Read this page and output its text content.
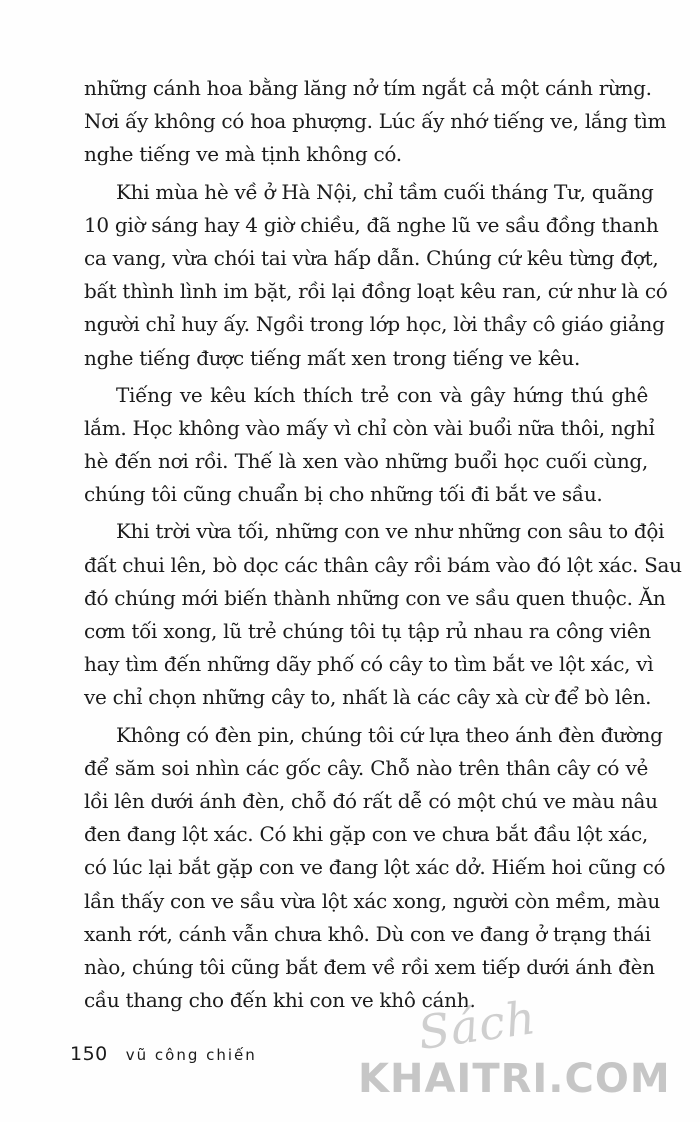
những cánh hoa bằng lăng nở tím ngắt cả một cánh rừng.
Nơi ấy không có hoa phượng. Lúc ấy nhớ tiếng ve, lắng tìm
nghe tiếng ve mà tịnh không có.
Khi mùa hè về ở Hà Nội, chỉ tầm cuối tháng Tư, quãng
10 giờ sáng hay 4 giờ chiều, đã nghe lũ ve sầu đồng thanh
ca vang, vừa chói tai vừa hấp dẫn. Chúng cứ kêu từng đợt,
bất thình lình im bặt, rồi lại đồng loạt kêu ran, cứ như là có
người chỉ huy ấy. Ngồi trong lớp học, lời thầy cô giáo giảng
nghe tiếng được tiếng mất xen trong tiếng ve kêu.
Tiếng ve kêu kích thích trẻ con và gây hứng thú ghê
lắm. Học không vào mấy vì chỉ còn vài buổi nữa thôi, nghỉ
hè đến nơi rồi. Thế là xen vào những buổi học cuối cùng,
chúng tôi cũng chuẩn bị cho những tối đi bắt ve sầu.
Khi trời vừa tối, những con ve như những con sâu to đội
đất chui lên, bò dọc các thân cây rồi bám vào đó lột xác. Sau
đó chúng mới biến thành những con ve sầu quen thuộc. Ăn
cơm tối xong, lũ trẻ chúng tôi tụ tập rủ nhau ra công viên
hay tìm đến những dãy phố có cây to tìm bắt ve lột xác, vì
ve chỉ chọn những cây to, nhất là các cây xà cừ để bò lên.
Không có đèn pin, chúng tôi cứ lựa theo ánh đèn đường
để săm soi nhìn các gốc cây. Chỗ nào trên thân cây có vẻ
lồi lên dưới ánh đèn, chỗ đó rất dễ có một chú ve màu nâu
đen đang lột xác. Có khi gặp con ve chưa bắt đầu lột xác,
có lúc lại bắt gặp con ve đang lột xác dở. Hiếm hoi cũng có
lần thấy con ve sầu vừa lột xác xong, người còn mềm, màu
xanh rớt, cánh vẫn chưa khô. Dù con ve đang ở trạng thái
nào, chúng tôi cũng bắt đem về rồi xem tiếp dưới ánh đèn
cầu thang cho đến khi con ve khô cánh.
150 vũ công chiến	Sách
KHAITRI.COM
